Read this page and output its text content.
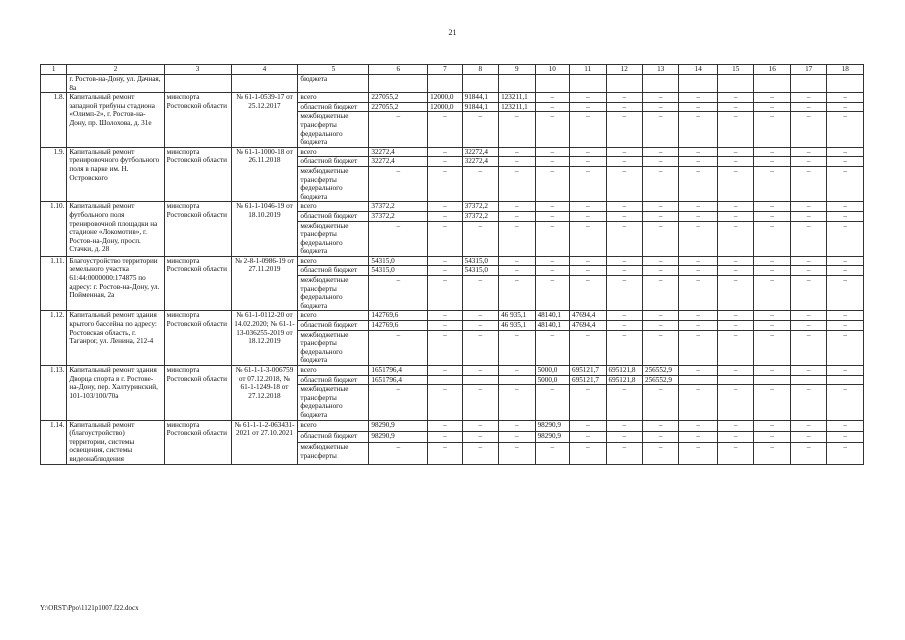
21
1	2	3	4	5	6	7	8	9	10	11	12	13	14	15	16	17	18
	г. Ростов-на-Дону, ул. Дачная, 8а			бюджета													
1.8.	Капитальный ремонт западной трибуны стадиона «Олимп-2», г. Ростов-на-Дону, пр. Шолохова, д. 31е	минспорта Ростовской области	№ 61-1-0539-17 от 25.12.2017	всего	227055,2	12000,0	91844,1	123211,1	–	–	–	–	–	–	–	–	–
				областной бюджет	227055,2	12000,0	91844,1	123211,1	–	–	–	–	–	–	–	–	–
				межбюджетные трансферты федерального бюджета	–	–	–	–	–	–	–	–	–	–	–	–	–
1.9.	Капитальный ремонт тренировочного футбольного поля в парке им. Н. Островского	минспорта Ростовской области	№ 61-1-1000-18 от 26.11.2018	всего	32272,4	–	32272,4	–	–	–	–	–	–	–	–	–	–
				областной бюджет	32272,4	–	32272,4	–	–	–	–	–	–	–	–	–	–
				межбюджетные трансферты федерального бюджета	–	–	–	–	–	–	–	–	–	–	–	–	–
1.10.	Капитальный ремонт футбольного поля тренировочной площадки на стадионе «Локомотив», г. Ростов-на-Дону, просп. Стачки, д. 28	минспорта Ростовской области	№ 61-1-1046-19 от 18.10.2019	всего	37372,2	–	37372,2	–	–	–	–	–	–	–	–	–	–
				областной бюджет	37372,2	–	37372,2	–	–	–	–	–	–	–	–	–	–
				межбюджетные трансферты федерального бюджета	–	–	–	–	–	–	–	–	–	–	–	–	–
1.11.	Благоустройство территории земельного участка 61:44:0000000:174875 по адресу: г. Ростов-на-Дону, ул. Пойменная, 2a	минспорта Ростовской области	№ 2-8-1-0986-19 от 27.11.2019	всего	54315,0	–	54315,0	–	–	–	–	–	–	–	–	–	–
				областной бюджет	54315,0	–	54315,0	–	–	–	–	–	–	–	–	–	–
				межбюджетные трансферты федерального бюджета	–	–	–	–	–	–	–	–	–	–	–	–	–
1.12.	Капитальный ремонт здания крытого бассейна по адресу: Ростовская область, г. Таганрог, ул. Ленина, 212-4	минспорта Ростовской области	№ 61-1-0112-20 от 14.02.2020; № 61-1-13-036255-2019 от 18.12.2019	всего	142769,6	–	–	46 935,1	48140,1	47694,4	–	–	–	–	–	–	–
				областной бюджет	142769,6	–	–	46 935,1	48140,1	47694,4	–	–	–	–	–	–	–
				межбюджетные трансферты федерального бюджета	–	–	–	–	–	–	–	–	–	–	–	–	–
1.13.	Капитальный ремонт здания Дворца спорта в г. Ростове-на-Дону, пер. Халтуринский, 101-103/100/70а	минспорта Ростовской области	№ 61-1-1-3-006759 от 07.12.2018, № 61-1-1249-18 от 27.12.2018	всего	1651796,4	–	–	–	5000,0	695121,7	695121,8	256552,9	–	–	–	–	–
				областной бюджет	1651796,4				5000,0	695121,7	695121,8	256552,9					
				межбюджетные трансферты федерального бюджета	–	–	–	–	–	–	–	–	–	–	–	–	–
1.14.	Капитальный ремонт (благоустройство) территории, системы освещения, системы видеонаблюдения	минспорта Ростовской области	№ 61-1-1-2-063431-2021 от 27.10.2021	всего	98290,9	–	–	–	98290,9	–	–	–	–	–	–	–	–
				областной бюджет	98290,9	–	–	–	98290,9	–	–	–	–	–	–	–	–
				межбюджетные трансферты	–	–	–	–	–	–	–	–	–	–	–	–	–
Y:\ORST\Ppo\1121p1007.f22.docx
